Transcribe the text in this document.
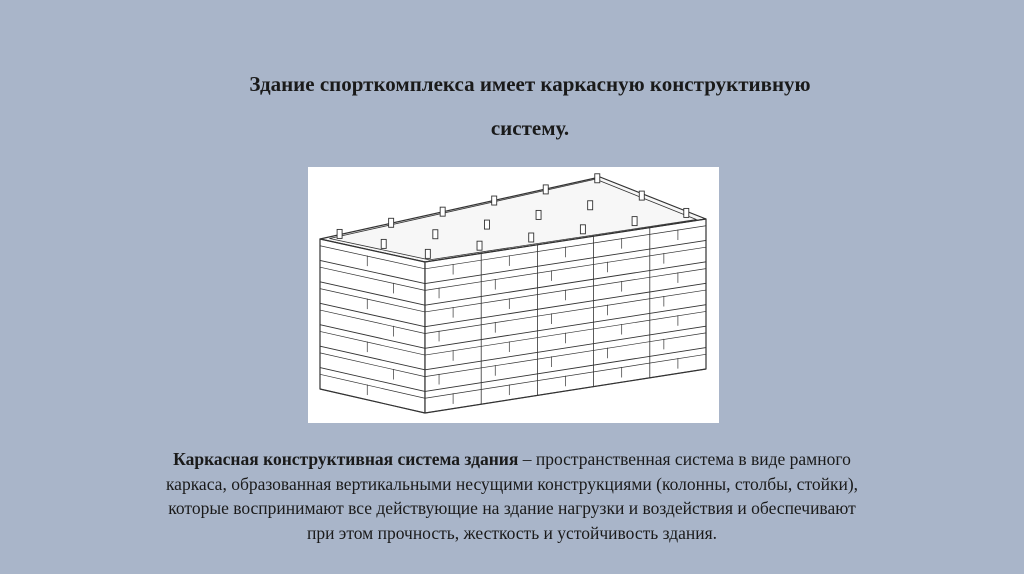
Здание спорткомплекса имеет каркасную конструктивную
систему.

Каркасная конструктивная система здания – пространственная система в виде рамного
каркаса, образованная вертикальными несущими конструкциями (колонны, столбы, стойки),
которые воспринимают все действующие на здание нагрузки и воздействия и обеспечивают
при этом прочность, жесткость и устойчивость здания.
